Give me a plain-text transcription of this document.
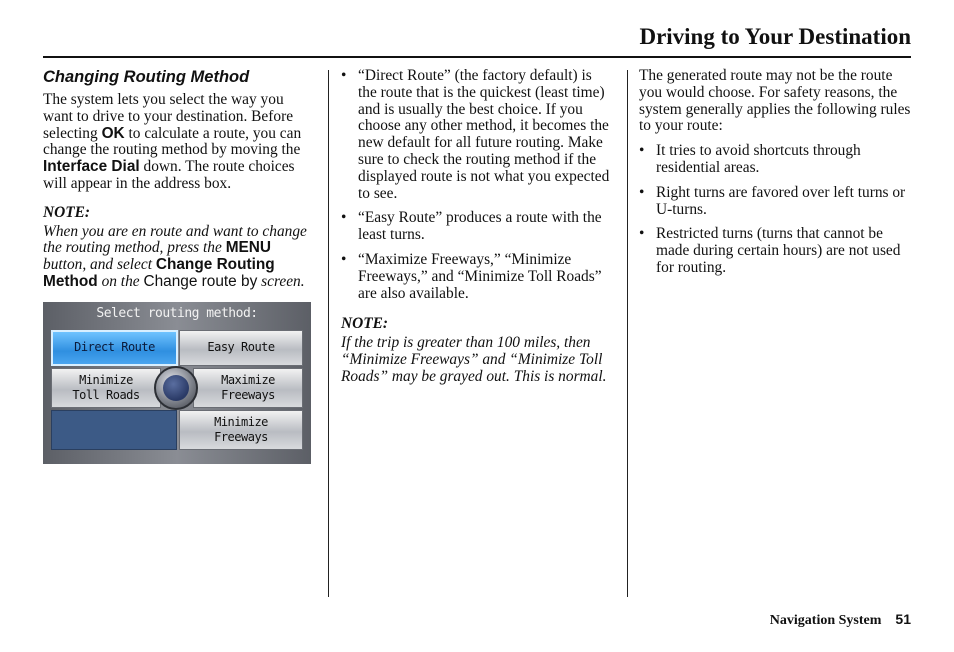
Driving to Your Destination
Changing Routing Method

The system lets you select the way you want to drive to your destination. Before selecting OK to calculate a route, you can change the routing method by moving the Interface Dial down. The route choices will appear in the address box.

NOTE:

When you are en route and want to change the routing method, press the MENU button, and select Change Routing Method on the Change route by screen.

Select routing method:
Direct Route	Easy Route
Minimize
Toll Roads
Maximize
Freeways
Minimize
Freeways
• “Direct Route” (the factory default) is the route that is the quickest (least time) and is usually the best choice. If you choose any other method, it becomes the new default for all future routing. Make sure to check the routing method if the displayed route is not what you expected to see.
• “Easy Route” produces a route with the least turns.
• “Maximize Freeways,” “Minimize Freeways,” and “Minimize Toll Roads” are also available.

NOTE:

If the trip is greater than 100 miles, then “Minimize Freeways” and “Minimize Toll Roads” may be grayed out. This is normal.

The generated route may not be the route you would choose. For safety reasons, the system generally applies the following rules to your route:

• It tries to avoid shortcuts through residential areas.
• Right turns are favored over left turns or U-turns.
• Restricted turns (turns that cannot be made during certain hours) are not used for routing.
Navigation System 51
